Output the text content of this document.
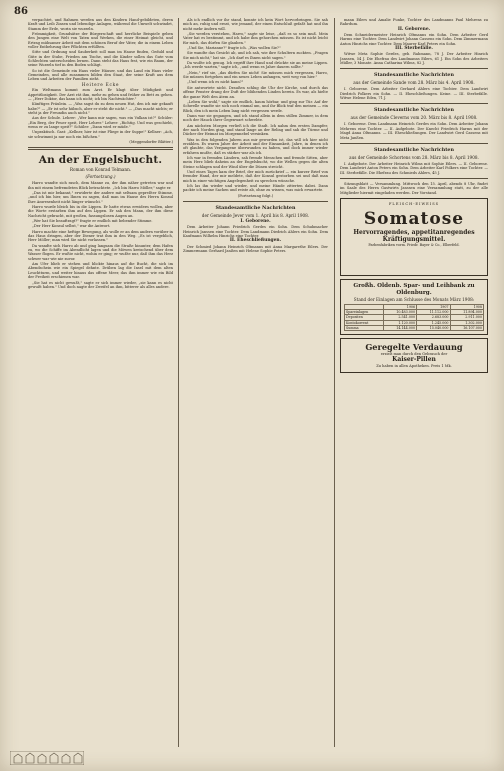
86

verpachtet, und Rahmen werden aus den Kindern Hand-gebildeten, deren Kraft und Leib Zinsen und lebendige Anlagen, während die Umwelt schwindet, Stamm der Erde, worin sie wurzeln.

Frömmigkeit, Grundsätze der Bürgerschaft und herrliche Beispiele geben den Jungen eine Welt von Taten und Werken, die einer Heimat gleicht, und Ertrag mühsamer Arbeit mit dem schönen Beruf der Väter, die in einem Leben voller Entbehrung ihre Pflichten erfüllten.

Sitte und Ordnung und Sauberkeit soll man im Hause finden, Geduld und Güte in der Stube, Frieden am Tische, und die Kinder sollen das Gute vom Schlechten unterscheiden lernen. Dann steht das Haus fest, wie ein Baum, der seine Wurzeln tief in den Boden schlägt.

So ist die Gemeinde ein Haus vieler Häuser, und das Land ein Haus vieler Gemeinden, und alle zusammen bilden den Staat, der seine Kraft aus dem Leben und Arbeiten der Familien zieht.

Heitere Ecke

Ein Weltmann kommt zum Arzt. Er klagt über Müdigkeit und Appetitlosigkeit. Der Arzt rät ihm, mehr zu gehen und früher zu Bett zu gehen. — „Herr Doktor, das kann ich nicht; ich bin Nachtwächter."

Künftiges Fräulein. — „Was sagst du zu dem neuen Hut, den ich mir gekauft habe?" — „Er ist sehr hübsch, aber er steht dir nicht." — „Das macht nichts; er steht ja der Freundin auch nicht."

Aus der Schule. Lehrer: „Wer kann mir sagen, was ein Vulkan ist?" Schüler: „Ein Berg, der Feuer speit, Herr Lehrer." Lehrer: „Richtig. Und was geschieht, wenn er zu lange speit?" Schüler: „Dann wird er müde."

Unpraktisch. Gast: „Kellner, hier ist eine Fliege in der Suppe!" Kellner: „Ach, sie schwimmt ja nur noch ein bißchen."

(Meggendorfer Blätter.)
An der Engelsbucht.
Roman von Konrad Telmann.
(Fortsetzung.)

Harro wandte sich rasch, dem Manne zu, der ihm näher getreten war und ihn mit einem befremdeten Blick betrachtete. „Ich bin Harro Möller," sagte er.

„Das ist mir bekannt," erwiderte der andere mit seltsam gepreßter Stimme, „und ich bin hier, um Ihnen zu sagen, daß man im Hause des Herrn Konsul Ihre Anwesenheit nicht länger wünscht."

Harro wurde bleich bis in die Lippen. Er hatte etwas erwidern wollen, aber die Worte erstarben ihm auf den Lippen. Er sah den Mann, der ihm diese Nachricht gebracht, mit großen, fassungslosen Augen an.

„Wer hat Sie beauftragt?" fragte er endlich mit bebender Stimme.

„Der Herr Konsul selbst," war die Antwort.

Harro machte eine heftige Bewegung, als wolle er an dem andern vorüber in das Haus dringen, aber der Diener trat ihm in den Weg. „Es ist vergeblich, Herr Möller; man wird Sie nicht vorlassen."

Da wandte sich Harro ab und ging langsam die Straße hinunter, dem Hafen zu, wo die Schiffe im Abendlicht lagen und die Möwen kreischend über dem Wasser flogen. Er wußte nicht, wohin er ging; er wußte nur, daß ihm das Herz schwer war wie nie zuvor.

Am Ufer blieb er stehen und blickte hinaus auf die Bucht, die sich im Abendschein wie ein Spiegel dehnte. Drüben lag die Insel mit dem alten Leuchtturm, und weiter hinaus das offene Meer, das ihm immer wie ein Bild der Freiheit erschienen war.

„Sie hat es nicht gewußt," sagte er sich immer wieder, „sie kann es nicht gewußt haben." Und doch nagte der Zweifel an ihm, bitterer als alles andere.

Als ich endlich vor ihr stand, konnte ich kein Wort hervorbringen. Sie sah mich an, ruhig und ernst, wie jemand, der einen Entschluß gefaßt hat und ihn nicht mehr ändern will.

„Sie werden verstehen, Harro," sagte sie leise, „daß es so sein muß. Mein Vater hat es bestimmt, und ich habe ihm gehorchen müssen. Es ist nicht leicht für mich, das dürfen Sie glauben."

„Und Sie, Marianne?" fragte ich. „Was wollen Sie?"

Sie wandte das Gesicht ab, und ich sah, wie ihre Schultern zuckten. „Fragen Sie mich nicht," bat sie. „Ich darf es Ihnen nicht sagen."

Da wußte ich genug. Ich ergriff ihre Hand und drückte sie an meine Lippen. „Ich werde warten," sagte ich, „und wenn es Jahre dauern sollte."

„Nein," rief sie, „das dürfen Sie nicht! Sie müssen mich vergessen, Harro, Sie müssen fortgehen und ein neues Leben anfangen, weit weg von hier."

„Und wenn ich es nicht kann?"

Sie antwortete nicht. Draußen schlug die Uhr der Kirche, und durch das offene Fenster drang der Duft der blühenden Linden herein. Es war, als hielte die ganze Welt den Atem an.

„Leben Sie wohl," sagte sie endlich, kaum hörbar, und ging zur Tür. Auf der Schwelle wandte sie sich noch einmal um, und ihr Blick traf den meinen — ein Blick, den ich mein Leben lang nicht vergessen werde.

Dann war sie gegangen, und ich stand allein in dem stillen Zimmer, in dem noch der Hauch ihrer Gegenwart schwebte.

Am nächsten Morgen verließ ich die Stadt. Ich nahm den ersten Dampfer, der nach Norden ging, und stand lange an der Reling und sah die Türme und Dächer der Heimat im Morgennebel versinken.

Was in den folgenden Jahren aus mir geworden ist, das will ich hier nicht erzählen. Es waren Jahre der Arbeit und der Einsamkeit, Jahre, in denen ich oft glaubte, das Vergangene überwunden zu haben, und doch immer wieder erfahren mußte, daß es stärker war als ich.

Ich war in fremden Ländern, sah fremde Menschen und fremde Sitten, aber mein Herz blieb daheim an der Engelsbucht, wo die Wellen gegen die alten Steine schlagen und der Wind über die Dünen streicht.

Und eines Tages kam der Brief, der mich zurückrief — ein kurzer Brief von fremder Hand, der mir meldete, daß der Konsul gestorben sei und daß man mich in einer wichtigen Angelegenheit zu sprechen wünsche.

Ich las ihn wieder und wieder, und meine Hände zitterten dabei. Dann packte ich meine Sachen und reiste ab, ohne zu wissen, was mich erwartete.

(Fortsetzung folgt.)
Standesamtliche Nachrichten
der Gemeinde Jever vom 1. April bis 8. April 1908.
I. Geborene.

Dem Arbeiter Johann Friedrich Gerdes ein Sohn. Dem Schuhmacher Heinrich Janssen eine Tochter. Dem Landmann Diedrich Ahlers ein Sohn. Dem Kaufmann Wilhelm Hinrichs eine Tochter.

II. Eheschließungen.

Der Schmied Johann Heinrich Oltmanns mit Anna Margarethe Eilers. Der Zimmermann Gerhard Janßen mit Helene Sophie Peters.

mann Eilers und Amalie Funke, Tochter des Landmanns Paul Mehrens zu Rahrdum.

II. Geborene.

Dem Schneidermeister Heinrich Oltmanns ein Sohn. Dem Arbeiter Gerd Harms eine Tochter. Dem Landwirt Johann Cassens ein Sohn. Dem Zimmermann Anton Hinrichs eine Tochter. Dem Maurer Karl Peters ein Sohn.

III. Sterbefälle.

Witwe Meta Sophie Gerdes, geb. Rahmann, 78 J. Der Arbeiter Hinrich Janssen, 54 J. Die Ehefrau des Landmanns Eilers, 61 J. Ein Sohn des Arbeiters Müller, 3 Monate. Anna Catharina Wilms, 82 J.

Standesamtliche Nachrichten
aus der Gemeinde Sande vom 28. März bis 4. April 1908.

I. Geborene. Dem Arbeiter Gerhard Ahlers eine Tochter. Dem Landwirt Diedrich Folkers ein Sohn. — II. Eheschließungen. Keine. — III. Sterbefälle. Witwe Helene Eden, 71 J.

Standesamtliche Nachrichten
aus der Gemeinde Cleverns vom 20. März bis 8. April 1908.

I. Geborene. Dem Landmann Heinrich Gerdes ein Sohn. Dem Arbeiter Johann Mehrens eine Tochter. — II. Aufgebote. Der Knecht Friedrich Harms mit der Magd Anna Oltmanns. — III. Eheschließungen. Der Landwirt Gerd Cassens mit Meta Janßen.

Standesamtliche Nachrichten
aus der Gemeinde Schortens vom 28. März bis 8. April 1908.

I. Aufgebote. Der Arbeiter Heinrich Wilms mit Sophie Eilers. — II. Geborene. Dem Landwirt Anton Peters ein Sohn. Dem Arbeiter Karl Folkers eine Tochter. — III. Sterbefälle. Die Ehefrau des Schmieds Ahlers, 45 J.

Sitzungsblatt — Versammlung. Mittwoch den 15. April, abends 8 Uhr, findet im Saale des Herrn Gastwirts Janssen eine Versammlung statt, zu der alle Mitglieder hiermit eingeladen werden. Der Vorstand.

FLEISCH-EIWEISS
Somatose
Hervorragendes, appetitanregendes Kräftigungsmittel.
Farbenfabriken vorm. Friedr. Bayer & Co., Elberfeld.
Großh. Oldenb. Spar- und Leihbank zu Oldenburg.
Stand der Einlagen am Schlusse des Monats März 1908:
	1906	1907	1908
Spareinlagen	10.483.000	11.112.000	11.894.000
Depositen	2.541.000	2.683.000	2.911.000
Kontokorrent	1.120.000	1.245.000	1.302.000
Summa	14.144.000	15.040.000	16.107.000
Geregelte Verdauung
erzielt man durch den Gebrauch der
Kaiser-Pillen
Zu haben in allen Apotheken. Preis 1 Mk.
